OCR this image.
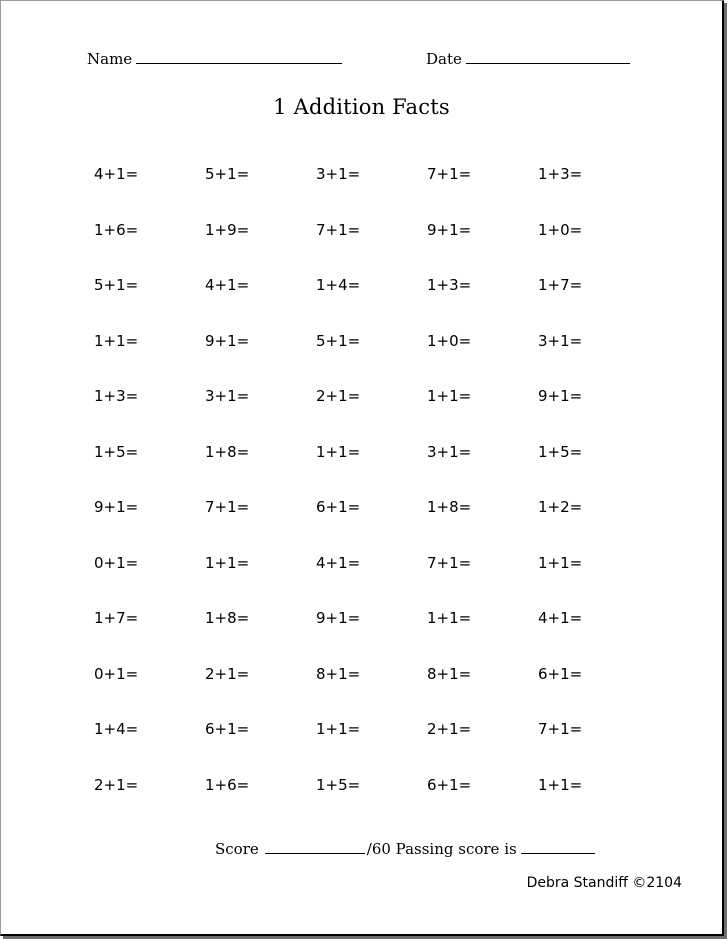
Name	Date
1 Addition Facts
4+1=	5+1=	3+1=	7+1=	1+3=
1+6=	1+9=	7+1=	9+1=	1+0=
5+1=	4+1=	1+4=	1+3=	1+7=
1+1=	9+1=	5+1=	1+0=	3+1=
1+3=	3+1=	2+1=	1+1=	9+1=
1+5=	1+8=	1+1=	3+1=	1+5=
9+1=	7+1=	6+1=	1+8=	1+2=
0+1=	1+1=	4+1=	7+1=	1+1=
1+7=	1+8=	9+1=	1+1=	4+1=
0+1=	2+1=	8+1=	8+1=	6+1=
1+4=	6+1=	1+1=	2+1=	7+1=
2+1=	1+6=	1+5=	6+1=	1+1=
Score	/60 Passing score is
Debra Standiff ©2104
